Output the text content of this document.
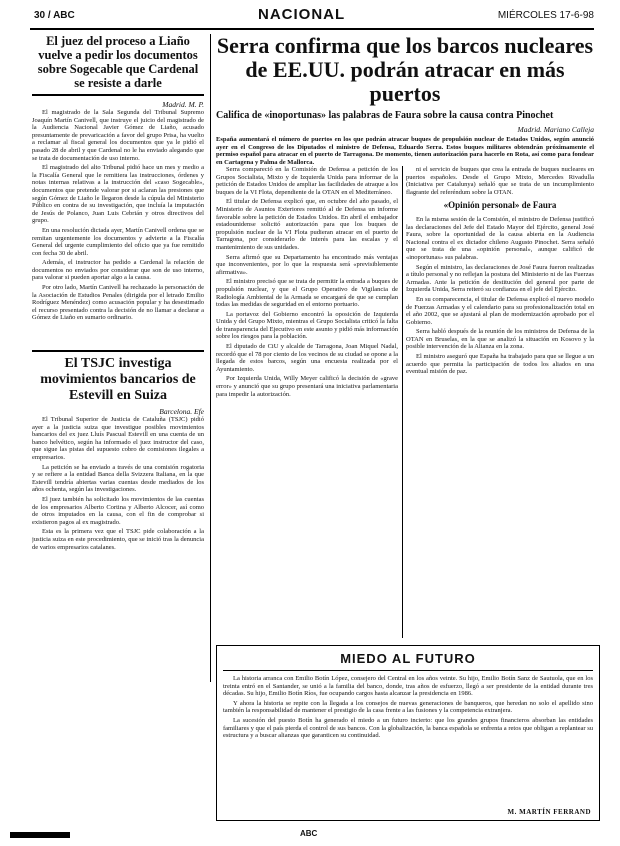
30 / ABC	NACIONAL	MIÉRCOLES 17-6-98
El juez del proceso a Liaño vuelve a pedir los documentos sobre Sogecable que Cardenal se resiste a darle
Madrid. M. P.

El magistrado de la Sala Segunda del Tribunal Supremo Joaquín Martín Canivell, que instruye el juicio del magistrado de la Audiencia Nacional Javier Gómez de Liaño, acusado presuntamente de prevaricación a favor del grupo Prisa, ha vuelto a reclamar al fiscal general los documentos que ya le pidió el pasado 28 de abril y que Cardenal no le ha enviado alegando que se trata de documentación de uso interno.

El magistrado del alto Tribunal pidió hace un mes y medio a la Fiscalía General que le remitiera las instrucciones, órdenes y notas internas relativas a la instrucción del «caso Sogecable», documentos que pretende valorar por si aclaran las presiones que según Gómez de Liaño le llegaron desde la cúpula del Ministerio Público en contra de su investigación, que incluía la imputación de Jesús de Polanco, Juan Luis Cebrián y otros directivos del grupo.

En una resolución dictada ayer, Martín Canivell ordena que se remitan urgentemente los documentos y advierte a la Fiscalía General del urgente cumplimiento del oficio que ya fue remitido con fecha 30 de abril.

Además, el instructor ha pedido a Cardenal la relación de documentos no enviados por considerar que son de uso interno, para valorar si pueden aportar algo a la causa.

Por otro lado, Martín Canivell ha rechazado la personación de la Asociación de Estudios Penales (dirigida por el letrado Emilio Rodríguez Menéndez) como acusación popular y ha desestimado el recurso presentado contra la decisión de no llamar a declarar a Gómez de Liaño en sumario ordinario.

El TSJC investiga movimientos bancarios de Estevill en Suiza
Barcelona. Efe

El Tribunal Superior de Justicia de Cataluña (TSJC) pidió ayer a la justicia suiza que investigue posibles movimientos bancarios del ex juez Lluís Pascual Estevill en una cuenta de un banco helvético, según ha informado el juez instructor del caso, que sigue las pistas del supuesto cobro de comisiones ilegales a empresarios.

La petición se ha enviado a través de una comisión rogatoria y se refiere a la entidad Banca della Svizzera Italiana, en la que Estevill tendría abiertas varias cuentas desde mediados de los años ochenta, según las investigaciones.

El juez también ha solicitado los movimientos de las cuentas de los empresarios Alberto Cortina y Alberto Alcocer, así como de otros imputados en la causa, con el fin de comprobar si existieron pagos al ex magistrado.

Esta es la primera vez que el TSJC pide colaboración a la justicia suiza en este procedimiento, que se inició tras la denuncia de varios empresarios catalanes.

Serra confirma que los barcos nucleares de EE.UU. podrán atracar en más puertos
Califica de «inoportunas» las palabras de Faura sobre la causa contra Pinochet
Madrid. Mariano Calleja
España aumentará el número de puertos en los que podrán atracar buques de propulsión nuclear de Estados Unidos, según anunció ayer en el Congreso de los Diputados el ministro de Defensa, Eduardo Serra. Estos buques militares obtendrán próximamente el permiso español para atracar en el puerto de Tarragona. De momento, tienen autorización para hacerlo en Rota, así como para fondear en Cartagena y Palma de Mallorca.

Serra compareció en la Comisión de Defensa a petición de los Grupos Socialista, Mixto y de Izquierda Unida para informar de la petición de Estados Unidos de ampliar las facilidades de atraque a los buques de la VI Flota, dependiente de la OTAN en el Mediterráneo.

El titular de Defensa explicó que, en octubre del año pasado, el Ministerio de Asuntos Exteriores remitió al de Defensa un informe favorable sobre la petición de Estados Unidos. En abril el embajador estadounidense solicitó autorización para que los buques de propulsión nuclear de la VI Flota pudieran atracar en el puerto de Tarragona, por considerarlo de interés para las escalas y el mantenimiento de sus unidades.

Serra afirmó que su Departamento ha encontrado más ventajas que inconvenientes, por lo que la respuesta será «previsiblemente afirmativa».

El ministro precisó que se trata de permitir la entrada a buques de propulsión nuclear, y que el Grupo Operativo de Vigilancia de Radiología Ambiental de la Armada se encargará de que se cumplan todas las medidas de seguridad en el entorno portuario.

La portavoz del Gobierno encontró la oposición de Izquierda Unida y del Grupo Mixto, mientras el Grupo Socialista criticó la falta de transparencia del Ejecutivo en este asunto y pidió más información sobre los riesgos para la población.

El diputado de CiU y alcalde de Tarragona, Joan Miquel Nadal, recordó que el 78 por ciento de los vecinos de su ciudad se opone a la llegada de estos barcos, según una encuesta realizada por el Ayuntamiento.

Por Izquierda Unida, Willy Meyer calificó la decisión de «grave error» y anunció que su grupo presentará una iniciativa parlamentaria para impedir la autorización.

ni el servicio de buques que crea la entrada de buques nucleares en puertos españoles. Desde el Grupo Mixto, Mercedes Rivadulla (Iniciativa per Catalunya) señaló que se trata de un incumplimiento flagrante del referéndum sobre la OTAN.

«Opinión personal» de Faura

En la misma sesión de la Comisión, el ministro de Defensa justificó las declaraciones del Jefe del Estado Mayor del Ejército, general José Faura, sobre la oportunidad de la causa abierta en la Audiencia Nacional contra el ex dictador chileno Augusto Pinochet. Serra señaló que se trata de una «opinión personal», aunque calificó de «inoportunas» sus palabras.

Según el ministro, las declaraciones de José Faura fueron realizadas a título personal y no reflejan la postura del Ministerio ni de las Fuerzas Armadas. Ante la petición de destitución del general por parte de Izquierda Unida, Serra reiteró su confianza en el jefe del Ejército.

En su comparecencia, el titular de Defensa explicó el nuevo modelo de Fuerzas Armadas y el calendario para su profesionalización total en el año 2002, que se ajustará al plan de modernización aprobado por el Gobierno.

Serra habló después de la reunión de los ministros de Defensa de la OTAN en Bruselas, en la que se analizó la situación en Kosovo y la posible intervención de la Alianza en la zona.

El ministro aseguró que España ha trabajado para que se llegue a un acuerdo que permita la participación de todos los aliados en una eventual misión de paz.

MIEDO AL FUTURO

La historia arranca con Emilio Botín López, consejero del Central en los años veinte. Su hijo, Emilio Botín Sanz de Sautuola, que en los treinta entró en el Santander, se unió a la familia del banco, donde, tras años de esfuerzo, llegó a ser presidente de la entidad durante tres décadas. Su hijo, Emilio Botín Ríos, fue ocupando cargos hasta alcanzar la presidencia en 1986.

Y ahora la historia se repite con la llegada a los consejos de nuevas generaciones de banqueros, que heredan no solo el apellido sino también la responsabilidad de mantener el prestigio de la casa frente a las fusiones y la competencia extranjera.

La sucesión del puesto Botín ha generado el miedo a un futuro incierto: que los grandes grupos financieros absorban las entidades familiares y que el país pierda el control de sus bancos. Con la globalización, la banca española se enfrenta a retos que obligan a replantear su estructura y a buscar alianzas que garanticen su continuidad.

M. MARTÍN FERRAND
ABC
